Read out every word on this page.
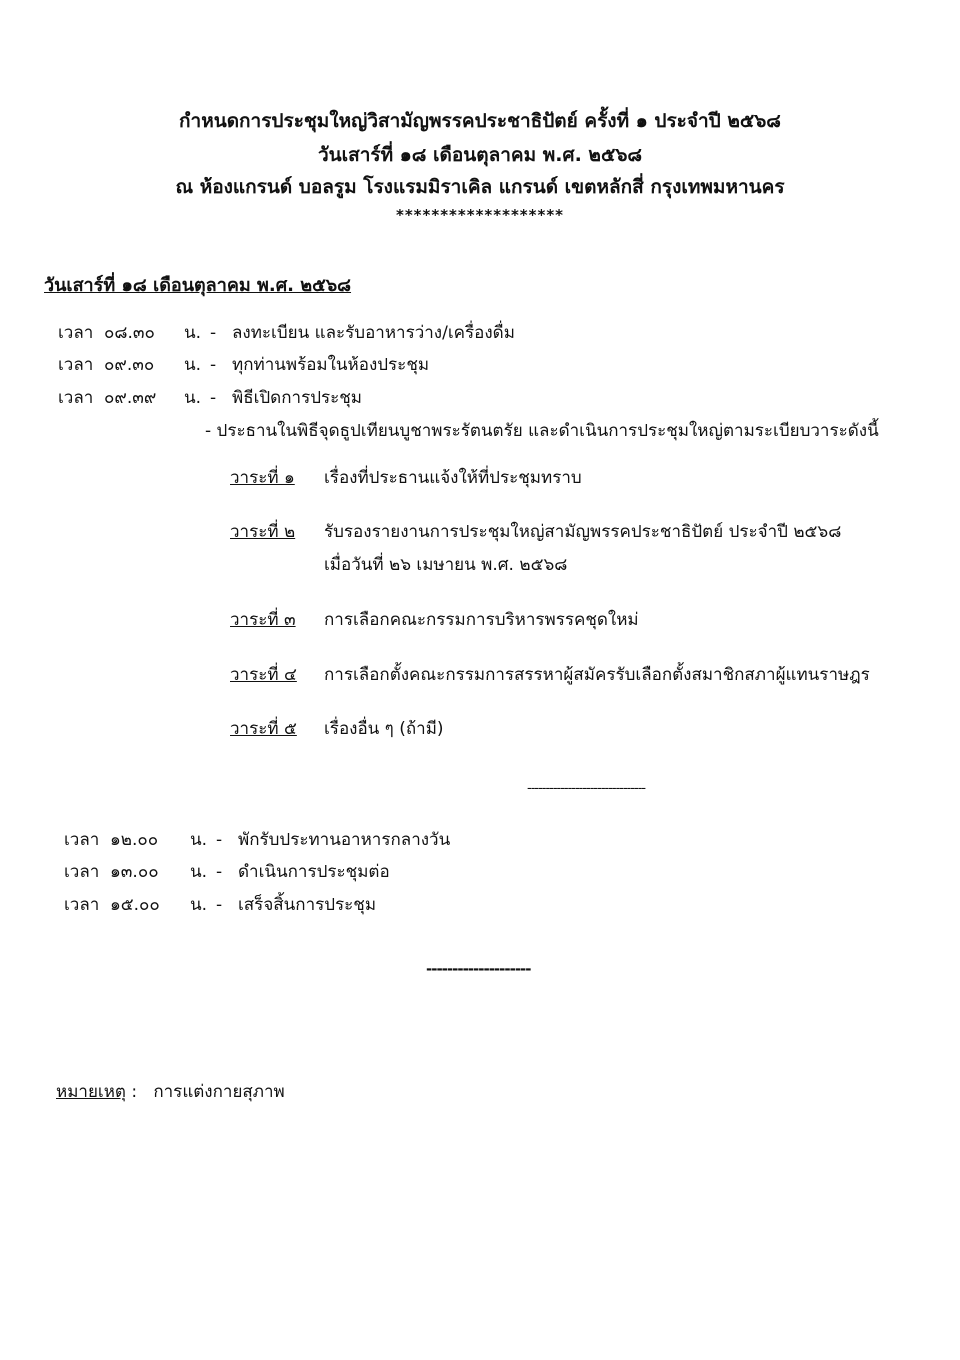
กำหนดการประชุมใหญ่วิสามัญพรรคประชาธิปัตย์ ครั้งที่ ๑ ประจำปี ๒๕๖๘
วันเสาร์ที่ ๑๘ เดือนตุลาคม พ.ศ. ๒๕๖๘
ณ ห้องแกรนด์ บอลรูม โรงแรมมิราเคิล แกรนด์ เขตหลักสี่ กรุงเทพมหานคร
*******************
วันเสาร์ที่ ๑๘ เดือนตุลาคม พ.ศ. ๒๕๖๘
เวลา ๐๘.๓๐ น. - ลงทะเบียน และรับอาหารว่าง/เครื่องดื่ม
เวลา ๐๙.๓๐ น. - ทุกท่านพร้อมในห้องประชุม
เวลา ๐๙.๓๙ น. - พิธีเปิดการประชุม
- ประธานในพิธีจุดธูปเทียนบูชาพระรัตนตรัย และดำเนินการประชุมใหญ่ตามระเบียบวาระดังนี้
วาระที่ ๑ เรื่องที่ประธานแจ้งให้ที่ประชุมทราบ
วาระที่ ๒ รับรองรายงานการประชุมใหญ่สามัญพรรคประชาธิปัตย์ ประจำปี ๒๕๖๘
เมื่อวันที่ ๒๖ เมษายน พ.ศ. ๒๕๖๘
วาระที่ ๓ การเลือกคณะกรรมการบริหารพรรคชุดใหม่
วาระที่ ๔ การเลือกตั้งคณะกรรมการสรรหาผู้สมัครรับเลือกตั้งสมาชิกสภาผู้แทนราษฎร
วาระที่ ๕ เรื่องอื่น ๆ (ถ้ามี)
--------------------------------
เวลา ๑๒.๐๐ น. - พักรับประทานอาหารกลางวัน
เวลา ๑๓.๐๐ น. - ดำเนินการประชุมต่อ
เวลา ๑๕.๐๐ น. - เสร็จสิ้นการประชุม
--------------------
หมายเหตุ : การแต่งกายสุภาพ
